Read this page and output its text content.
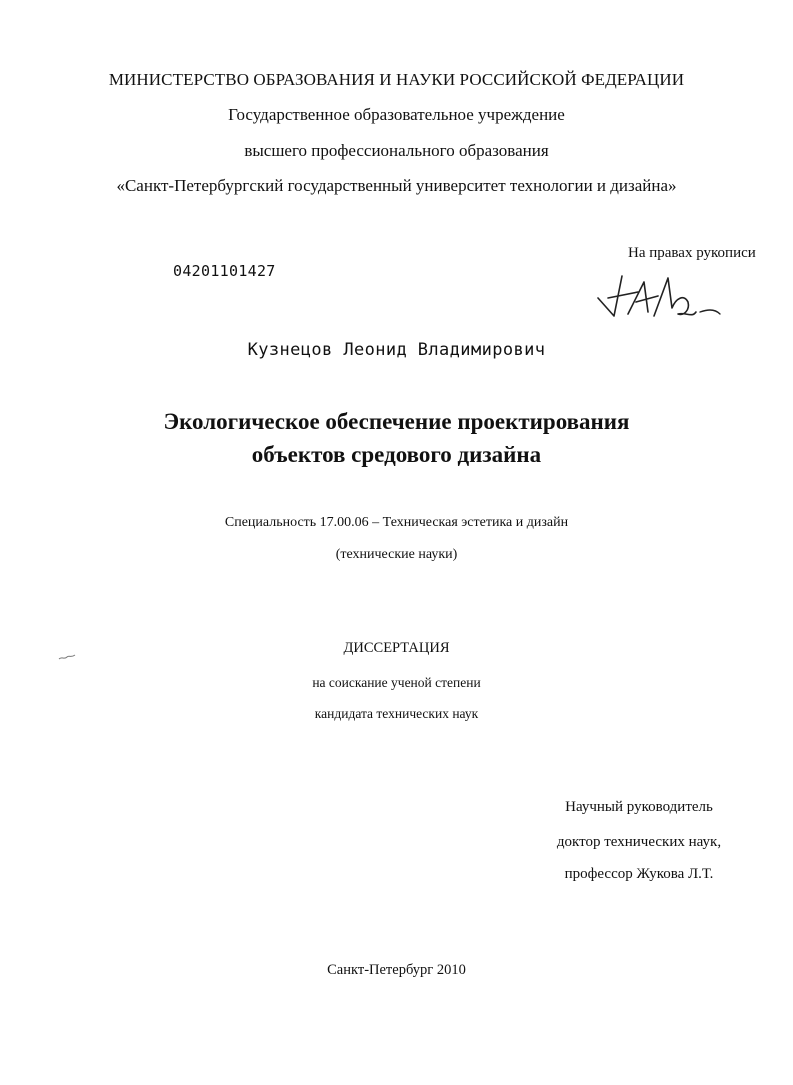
МИНИСТЕРСТВО ОБРАЗОВАНИЯ И НАУКИ РОССИЙСКОЙ ФЕДЕРАЦИИ
Государственное образовательное учреждение
высшего профессионального образования
«Санкт-Петербургский государственный университет технологии и дизайна»
На правах рукописи
04201101427
Кузнецов Леонид Владимирович
Экологическое обеспечение проектирования
объектов средового дизайна
Специальность 17.00.06 – Техническая эстетика и дизайн
(технические науки)
ДИССЕРТАЦИЯ
на соискание ученой степени
кандидата технических наук
Научный руководитель
доктор технических наук,
профессор Жукова Л.Т.
Санкт-Петербург 2010
